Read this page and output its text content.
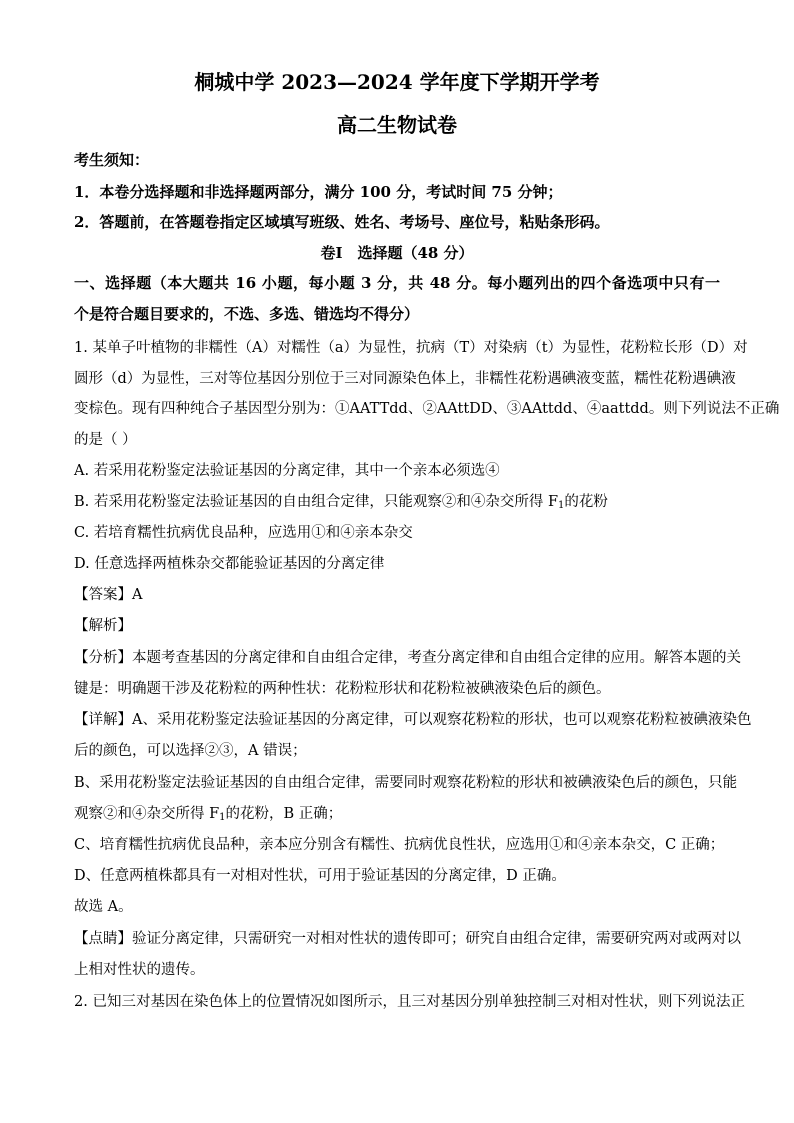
桐城中学 2023—2024 学年度下学期开学考
高二生物试卷
考生须知：
1．本卷分选择题和非选择题两部分，满分 100 分，考试时间 75 分钟；
2．答题前，在答题卷指定区域填写班级、姓名、考场号、座位号，粘贴条形码。
卷Ⅰ　选择题（48 分）
一、选择题（本大题共 16 小题，每小题 3 分，共 48 分。每小题列出的四个备选项中只有一
个是符合题目要求的，不选、多选、错选均不得分）
1. 某单子叶植物的非糯性（A）对糯性（a）为显性，抗病（T）对染病（t）为显性，花粉粒长形（D）对
圆形（d）为显性，三对等位基因分别位于三对同源染色体上，非糯性花粉遇碘液变蓝，糯性花粉遇碘液
变棕色。现有四种纯合子基因型分别为：①AATTdd、②AAttDD、③AAttdd、④aattdd。则下列说法不正确
的是（ ）
A. 若采用花粉鉴定法验证基因的分离定律，其中一个亲本必须选④
B. 若采用花粉鉴定法验证基因的自由组合定律，只能观察②和④杂交所得 $F_1$的花粉
C. 若培育糯性抗病优良品种，应选用①和④亲本杂交
D. 任意选择两植株杂交都能验证基因的分离定律
【答案】A
【解析】
【分析】本题考查基因的分离定律和自由组合定律，考查分离定律和自由组合定律的应用。解答本题的关
键是：明确题干涉及花粉粒的两种性状：花粉粒形状和花粉粒被碘液染色后的颜色。
【详解】A、采用花粉鉴定法验证基因的分离定律，可以观察花粉粒的形状，也可以观察花粉粒被碘液染色
后的颜色，可以选择②③，A 错误；
B、采用花粉鉴定法验证基因的自由组合定律，需要同时观察花粉粒的形状和被碘液染色后的颜色，只能
观察②和④杂交所得 $F_1$的花粉，B 正确；
C、培育糯性抗病优良品种，亲本应分别含有糯性、抗病优良性状，应选用①和④亲本杂交，C 正确；
D、任意两植株都具有一对相对性状，可用于验证基因的分离定律，D 正确。
故选 A。
【点睛】验证分离定律，只需研究一对相对性状的遗传即可；研究自由组合定律，需要研究两对或两对以
上相对性状的遗传。
2. 已知三对基因在染色体上的位置情况如图所示，且三对基因分别单独控制三对相对性状，则下列说法正
